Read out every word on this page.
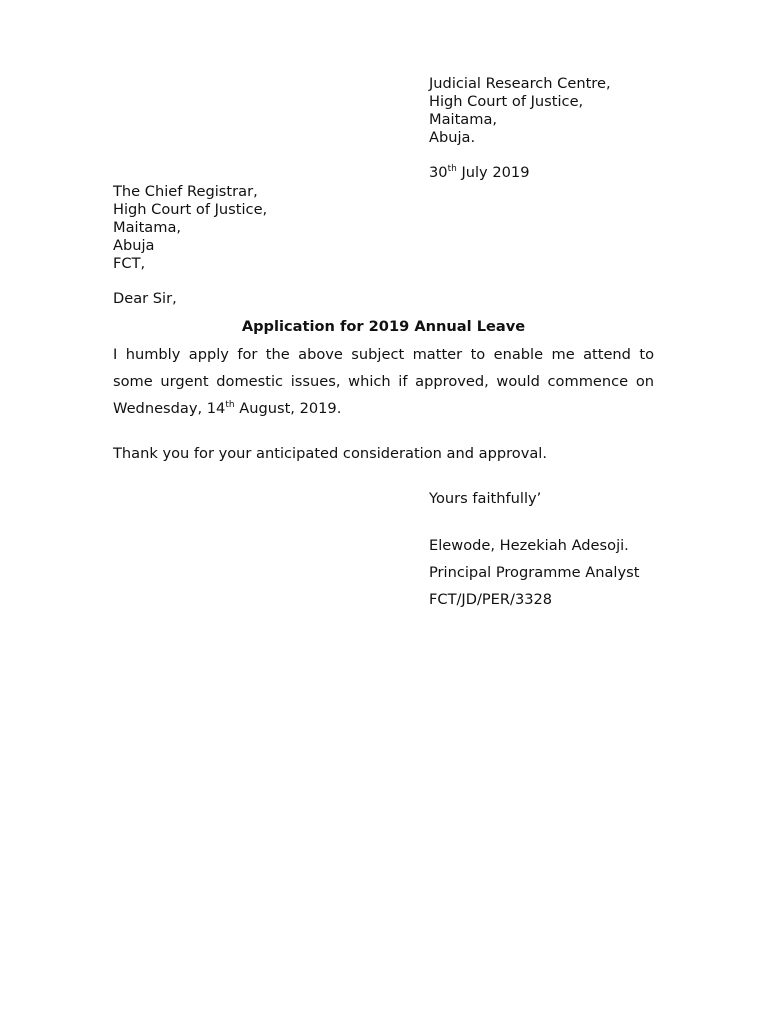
Judicial Research Centre,
High Court of Justice,
Maitama,
Abuja.
30th July 2019
The Chief Registrar,
High Court of Justice,
Maitama,
Abuja
FCT,
Dear Sir,
Application for 2019 Annual Leave
I humbly apply for the above subject matter to enable me attend to
some urgent domestic issues, which if approved, would commence on
Wednesday, 14th August, 2019.
Thank you for your anticipated consideration and approval.
Yours faithfully’
Elewode, Hezekiah Adesoji.
Principal Programme Analyst
FCT/JD/PER/3328
